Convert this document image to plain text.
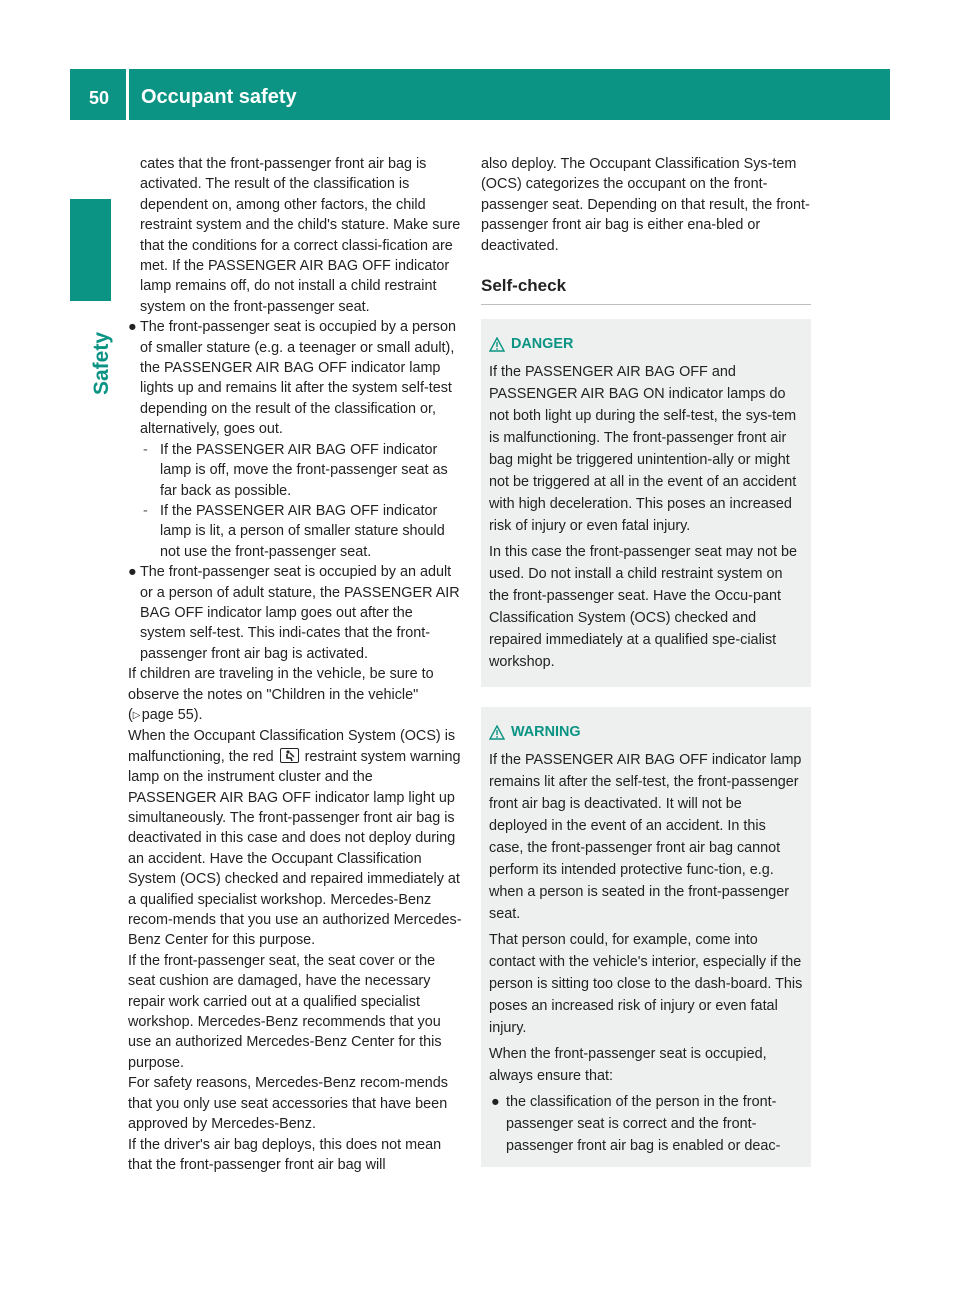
50 Occupant safety
Safety

cates that the front-passenger front air bag is activated. The result of the classification is dependent on, among other factors, the child restraint system and the child's stature. Make sure that the conditions for a correct classi-fication are met. If the PASSENGER AIR BAG OFF indicator lamp remains off, do not install a child restraint system on the front-passenger seat.

● The front-passenger seat is occupied by a person of smaller stature (e.g. a teenager or small adult), the PASSENGER AIR BAG OFF indicator lamp lights up and remains lit after the system self-test depending on the result of the classification or, alternatively, goes out.

- If the PASSENGER AIR BAG OFF indicator lamp is off, move the front-passenger seat as far back as possible.

- If the PASSENGER AIR BAG OFF indicator lamp is lit, a person of smaller stature should not use the front-passenger seat.

● The front-passenger seat is occupied by an adult or a person of adult stature, the PASSENGER AIR BAG OFF indicator lamp goes out after the system self-test. This indi-cates that the front-passenger front air bag is activated.

If children are traveling in the vehicle, be sure to observe the notes on "Children in the vehicle"
(▷ page 55).

When the Occupant Classification System (OCS) is malfunctioning, the red restraint system warning lamp on the instrument cluster and the PASSENGER AIR BAG OFF indicator lamp light up simultaneously. The front-passenger front air bag is deactivated in this case and does not deploy during an accident. Have the Occupant Classification System (OCS) checked and repaired immediately at a qualified specialist workshop. Mercedes-Benz recom-mends that you use an authorized Mercedes-Benz Center for this purpose.

If the front-passenger seat, the seat cover or the seat cushion are damaged, have the necessary repair work carried out at a qualified specialist workshop. Mercedes-Benz recommends that you use an authorized Mercedes-Benz Center for this purpose.

For safety reasons, Mercedes-Benz recom-mends that you only use seat accessories that have been approved by Mercedes-Benz.

If the driver's air bag deploys, this does not mean that the front-passenger front air bag will

also deploy. The Occupant Classification Sys-tem (OCS) categorizes the occupant on the front-passenger seat. Depending on that result, the front-passenger front air bag is either ena-bled or deactivated.

Self-check
DANGER

If the PASSENGER AIR BAG OFF and PASSENGER AIR BAG ON indicator lamps do not both light up during the self-test, the sys-tem is malfunctioning. The front-passenger front air bag might be triggered unintention-ally or might not be triggered at all in the event of an accident with high deceleration. This poses an increased risk of injury or even fatal injury.

In this case the front-passenger seat may not be used. Do not install a child restraint system on the front-passenger seat. Have the Occu-pant Classification System (OCS) checked and repaired immediately at a qualified spe-cialist workshop.

WARNING

If the PASSENGER AIR BAG OFF indicator lamp remains lit after the self-test, the front-passenger front air bag is deactivated. It will not be deployed in the event of an accident. In this case, the front-passenger front air bag cannot perform its intended protective func-tion, e.g. when a person is seated in the front-passenger seat.

That person could, for example, come into contact with the vehicle's interior, especially if the person is sitting too close to the dash-board. This poses an increased risk of injury or even fatal injury.

When the front-passenger seat is occupied, always ensure that:

● the classification of the person in the front-passenger seat is correct and the front-passenger front air bag is enabled or deac-
